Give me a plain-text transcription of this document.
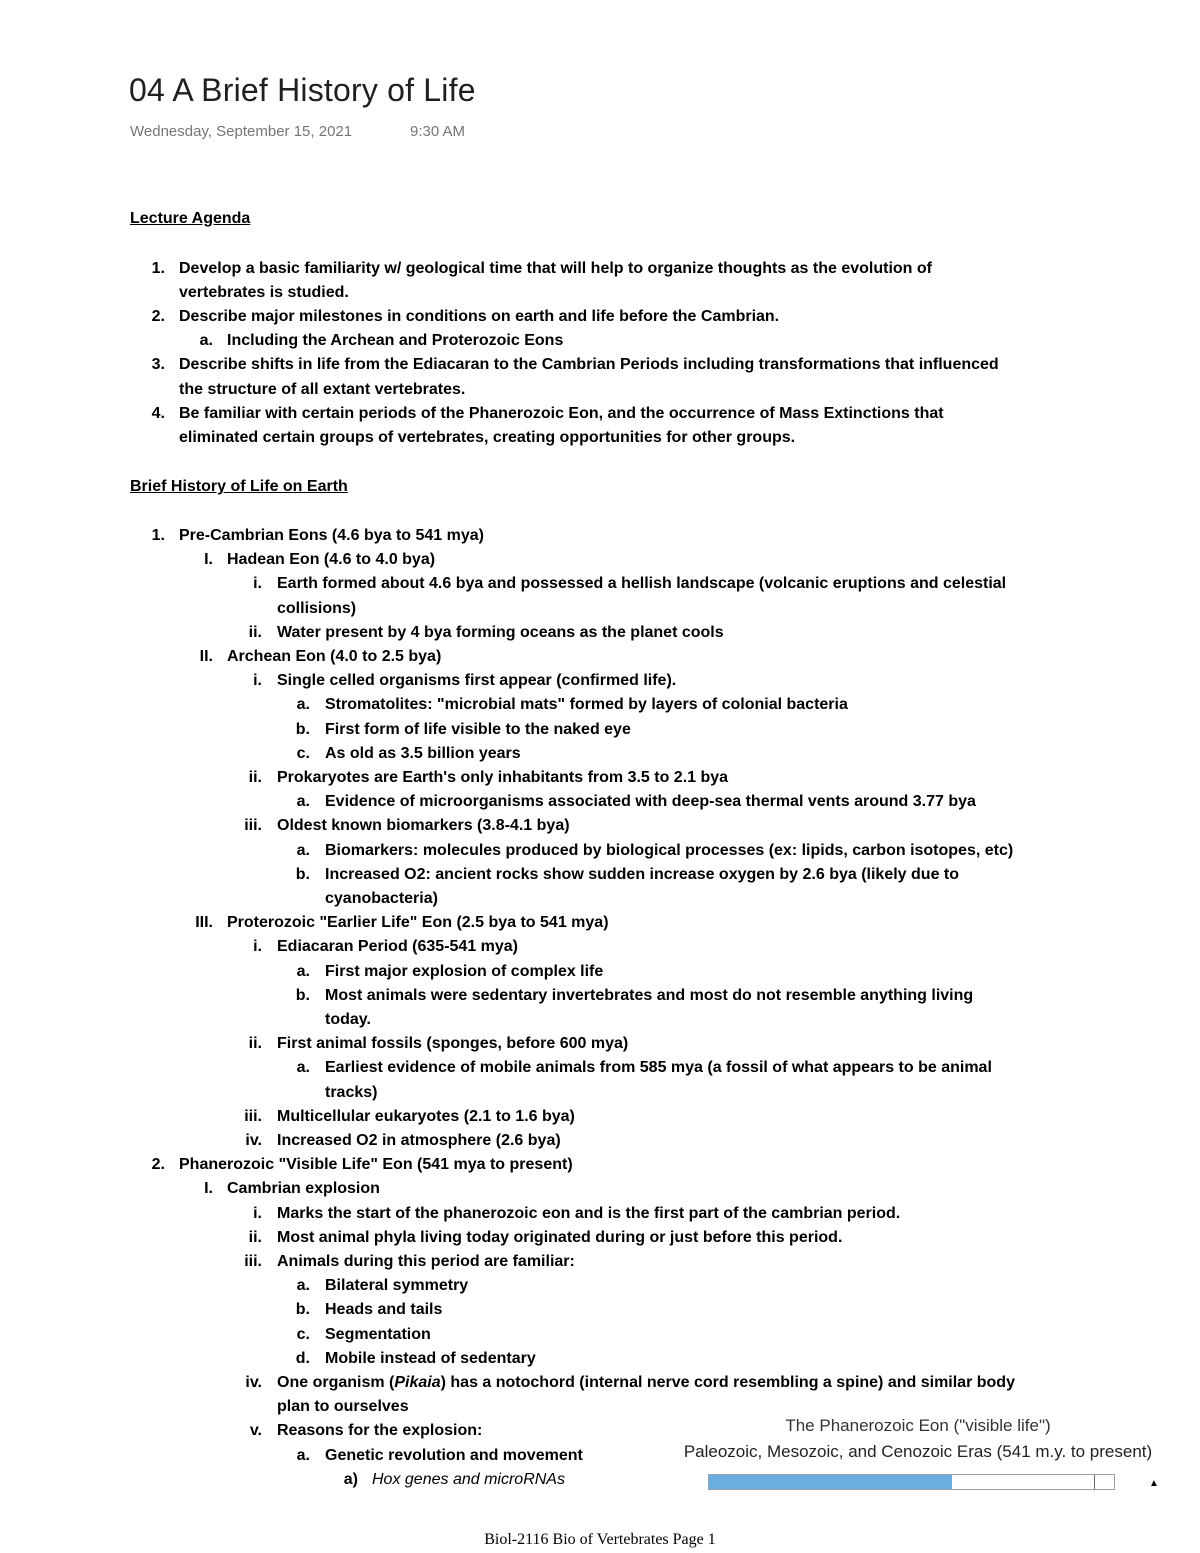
04 A Brief History of Life
Wednesday, September 15, 2021	9:30 AM
Lecture Agenda
1. Develop a basic familiarity w/ geological time that will help to organize thoughts as the evolution of
vertebrates is studied.
2. Describe major milestones in conditions on earth and life before the Cambrian.
a. Including the Archean and Proterozoic Eons
3. Describe shifts in life from the Ediacaran to the Cambrian Periods including transformations that influenced
the structure of all extant vertebrates.
4. Be familiar with certain periods of the Phanerozoic Eon, and the occurrence of Mass Extinctions that
eliminated certain groups of vertebrates, creating opportunities for other groups.
Brief History of Life on Earth
1. Pre-Cambrian Eons (4.6 bya to 541 mya)
I. Hadean Eon (4.6 to 4.0 bya)
i. Earth formed about 4.6 bya and possessed a hellish landscape (volcanic eruptions and celestial
collisions)
ii. Water present by 4 bya forming oceans as the planet cools
II. Archean Eon (4.0 to 2.5 bya)
i. Single celled organisms first appear (confirmed life).
a. Stromatolites: "microbial mats" formed by layers of colonial bacteria
b. First form of life visible to the naked eye
c. As old as 3.5 billion years
ii. Prokaryotes are Earth's only inhabitants from 3.5 to 2.1 bya
a. Evidence of microorganisms associated with deep-sea thermal vents around 3.77 bya
iii. Oldest known biomarkers (3.8-4.1 bya)
a. Biomarkers: molecules produced by biological processes (ex: lipids, carbon isotopes, etc)
b. Increased O2: ancient rocks show sudden increase oxygen by 2.6 bya (likely due to
cyanobacteria)
III. Proterozoic "Earlier Life" Eon (2.5 bya to 541 mya)
i. Ediacaran Period (635-541 mya)
a. First major explosion of complex life
b. Most animals were sedentary invertebrates and most do not resemble anything living
today.
ii. First animal fossils (sponges, before 600 mya)
a. Earliest evidence of mobile animals from 585 mya (a fossil of what appears to be animal
tracks)
iii. Multicellular eukaryotes (2.1 to 1.6 bya)
iv. Increased O2 in atmosphere (2.6 bya)
2. Phanerozoic "Visible Life" Eon (541 mya to present)
I. Cambrian explosion
i. Marks the start of the phanerozoic eon and is the first part of the cambrian period.
ii. Most animal phyla living today originated during or just before this period.
iii. Animals during this period are familiar:
a. Bilateral symmetry
b. Heads and tails
c. Segmentation
d. Mobile instead of sedentary
iv. One organism (Pikaia) has a notochord (internal nerve cord resembling a spine) and similar body
plan to ourselves
v. Reasons for the explosion:
a. Genetic revolution and movement
a) Hox genes and microRNAs
The Phanerozoic Eon ("visible life")
Paleozoic, Mesozoic, and Cenozoic Eras (541 m.y. to present)
▲
Biol-2116 Bio of Vertebrates Page 1
